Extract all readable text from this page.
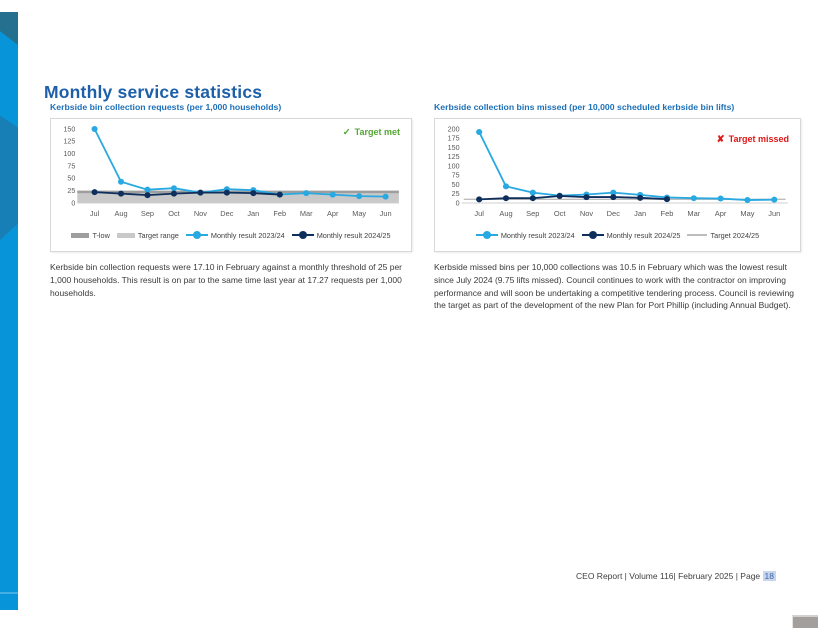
Monthly service statistics
Kerbside bin collection requests (per 1,000 households)
0
25
50
75
100
125
150
Jul Aug Sep Oct Nov Dec Jan Feb Mar Apr May Jun
✓ Target met
T-low	Target range	Monthly result 2023/24	Monthly result 2024/25
Kerbside bin collection requests were 17.10 in February against a monthly threshold of 25 per 1,000 households. This result is on par to the same time last year at 17.27 requests per 1,000 households.
Kerbside collection bins missed (per 10,000 scheduled kerbside bin lifts)
0
25
50
75
100
125
150
175
200
Jul Aug Sep Oct Nov Dec Jan Feb Mar Apr May Jun
✘ Target missed
Monthly result 2023/24	Monthly result 2024/25	Target 2024/25
Kerbside missed bins per 10,000 collections was 10.5 in February which was the lowest result since July 2024 (9.75 lifts missed). Council continues to work with the contractor on improving performance and will soon be undertaking a competitive tendering process. Council is reviewing the target as part of the development of the new Plan for Port Phillip (including Annual Budget).
CEO Report | Volume 116| February 2025 | Page 18
